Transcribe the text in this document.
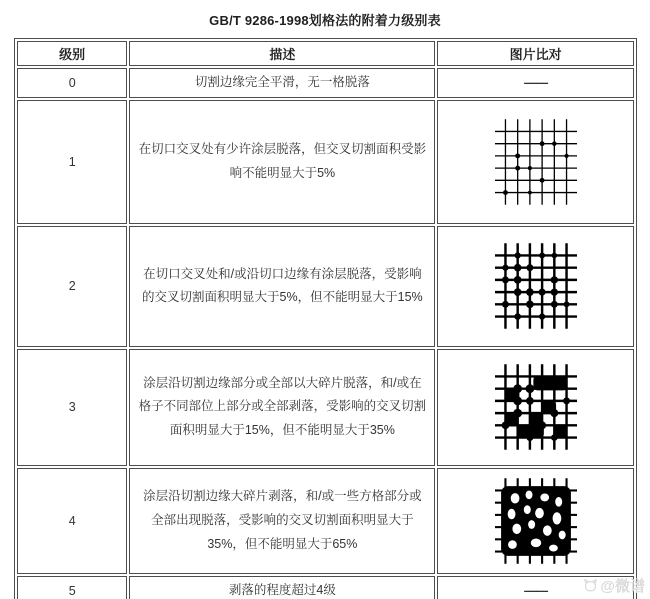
GB/T 9286-1998划格法的附着力级别表
级别	描述	图片比对
0	切割边缘完全平滑，无一格脱落	——
1	在切口交叉处有少许涂层脱落，但交叉切割面积受影响不能明显大于5%	

2	在切口交叉处和/或沿切口边缘有涂层脱落，受影响的交叉切割面积明显大于5%，但不能明显大于15%	

3	涂层沿切割边缘部分或全部以大碎片脱落，和/或在格子不同部位上部分或全部剥落，受影响的交叉切割面积明显大于15%，但不能明显大于35%	

4	涂层沿切割边缘大碎片剥落，和/或一些方格部分或全部出现脱落，受影响的交叉切割面积明显大于35%，但不能明显大于65%	

5	剥落的程度超过4级	——	@微谱
